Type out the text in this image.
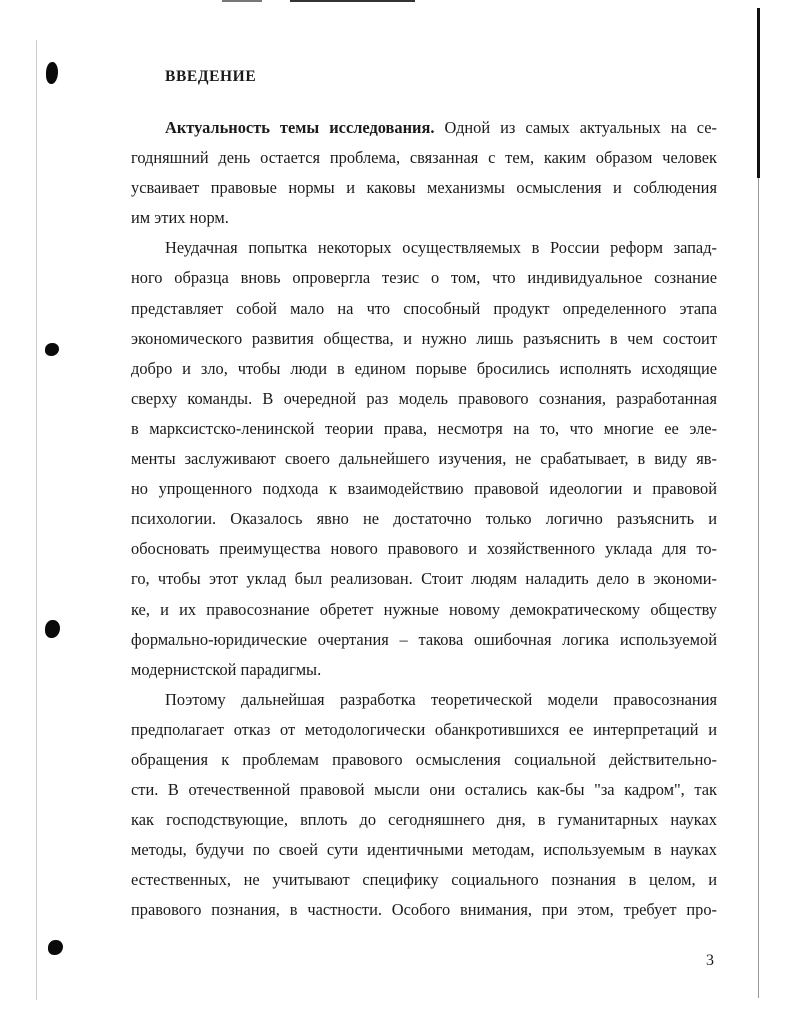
ВВЕДЕНИЕ
Актуальность темы исследования. Одной из самых актуальных на се-
годняшний день остается проблема, связанная с тем, каким образом человек
усваивает правовые нормы и каковы механизмы осмысления и соблюдения
им этих норм.
Неудачная попытка некоторых осуществляемых в России реформ запад-
ного образца вновь опровергла тезис о том, что индивидуальное сознание
представляет собой мало на что способный продукт определенного этапа
экономического развития общества, и нужно лишь разъяснить в чем состоит
добро и зло, чтобы люди в едином порыве бросились исполнять исходящие
сверху команды. В очередной раз модель правового сознания, разработанная
в марксистско-ленинской теории права, несмотря на то, что многие ее эле-
менты заслуживают своего дальнейшего изучения, не срабатывает, в виду яв-
но упрощенного подхода к взаимодействию правовой идеологии и правовой
психологии. Оказалось явно не достаточно только логично разъяснить и
обосновать преимущества нового правового и хозяйственного уклада для то-
го, чтобы этот уклад был реализован. Стоит людям наладить дело в экономи-
ке, и их правосознание обретет нужные новому демократическому обществу
формально-юридические очертания – такова ошибочная логика используемой
модернистской парадигмы.
Поэтому дальнейшая разработка теоретической модели правосознания
предполагает отказ от методологически обанкротившихся ее интерпретаций и
обращения к проблемам правового осмысления социальной действительно-
сти. В отечественной правовой мысли они остались как-бы "за кадром", так
как господствующие, вплоть до сегодняшнего дня, в гуманитарных науках
методы, будучи по своей сути идентичными методам, используемым в науках
естественных, не учитывают специфику социального познания в целом, и
правового познания, в частности. Особого внимания, при этом, требует про-
3
